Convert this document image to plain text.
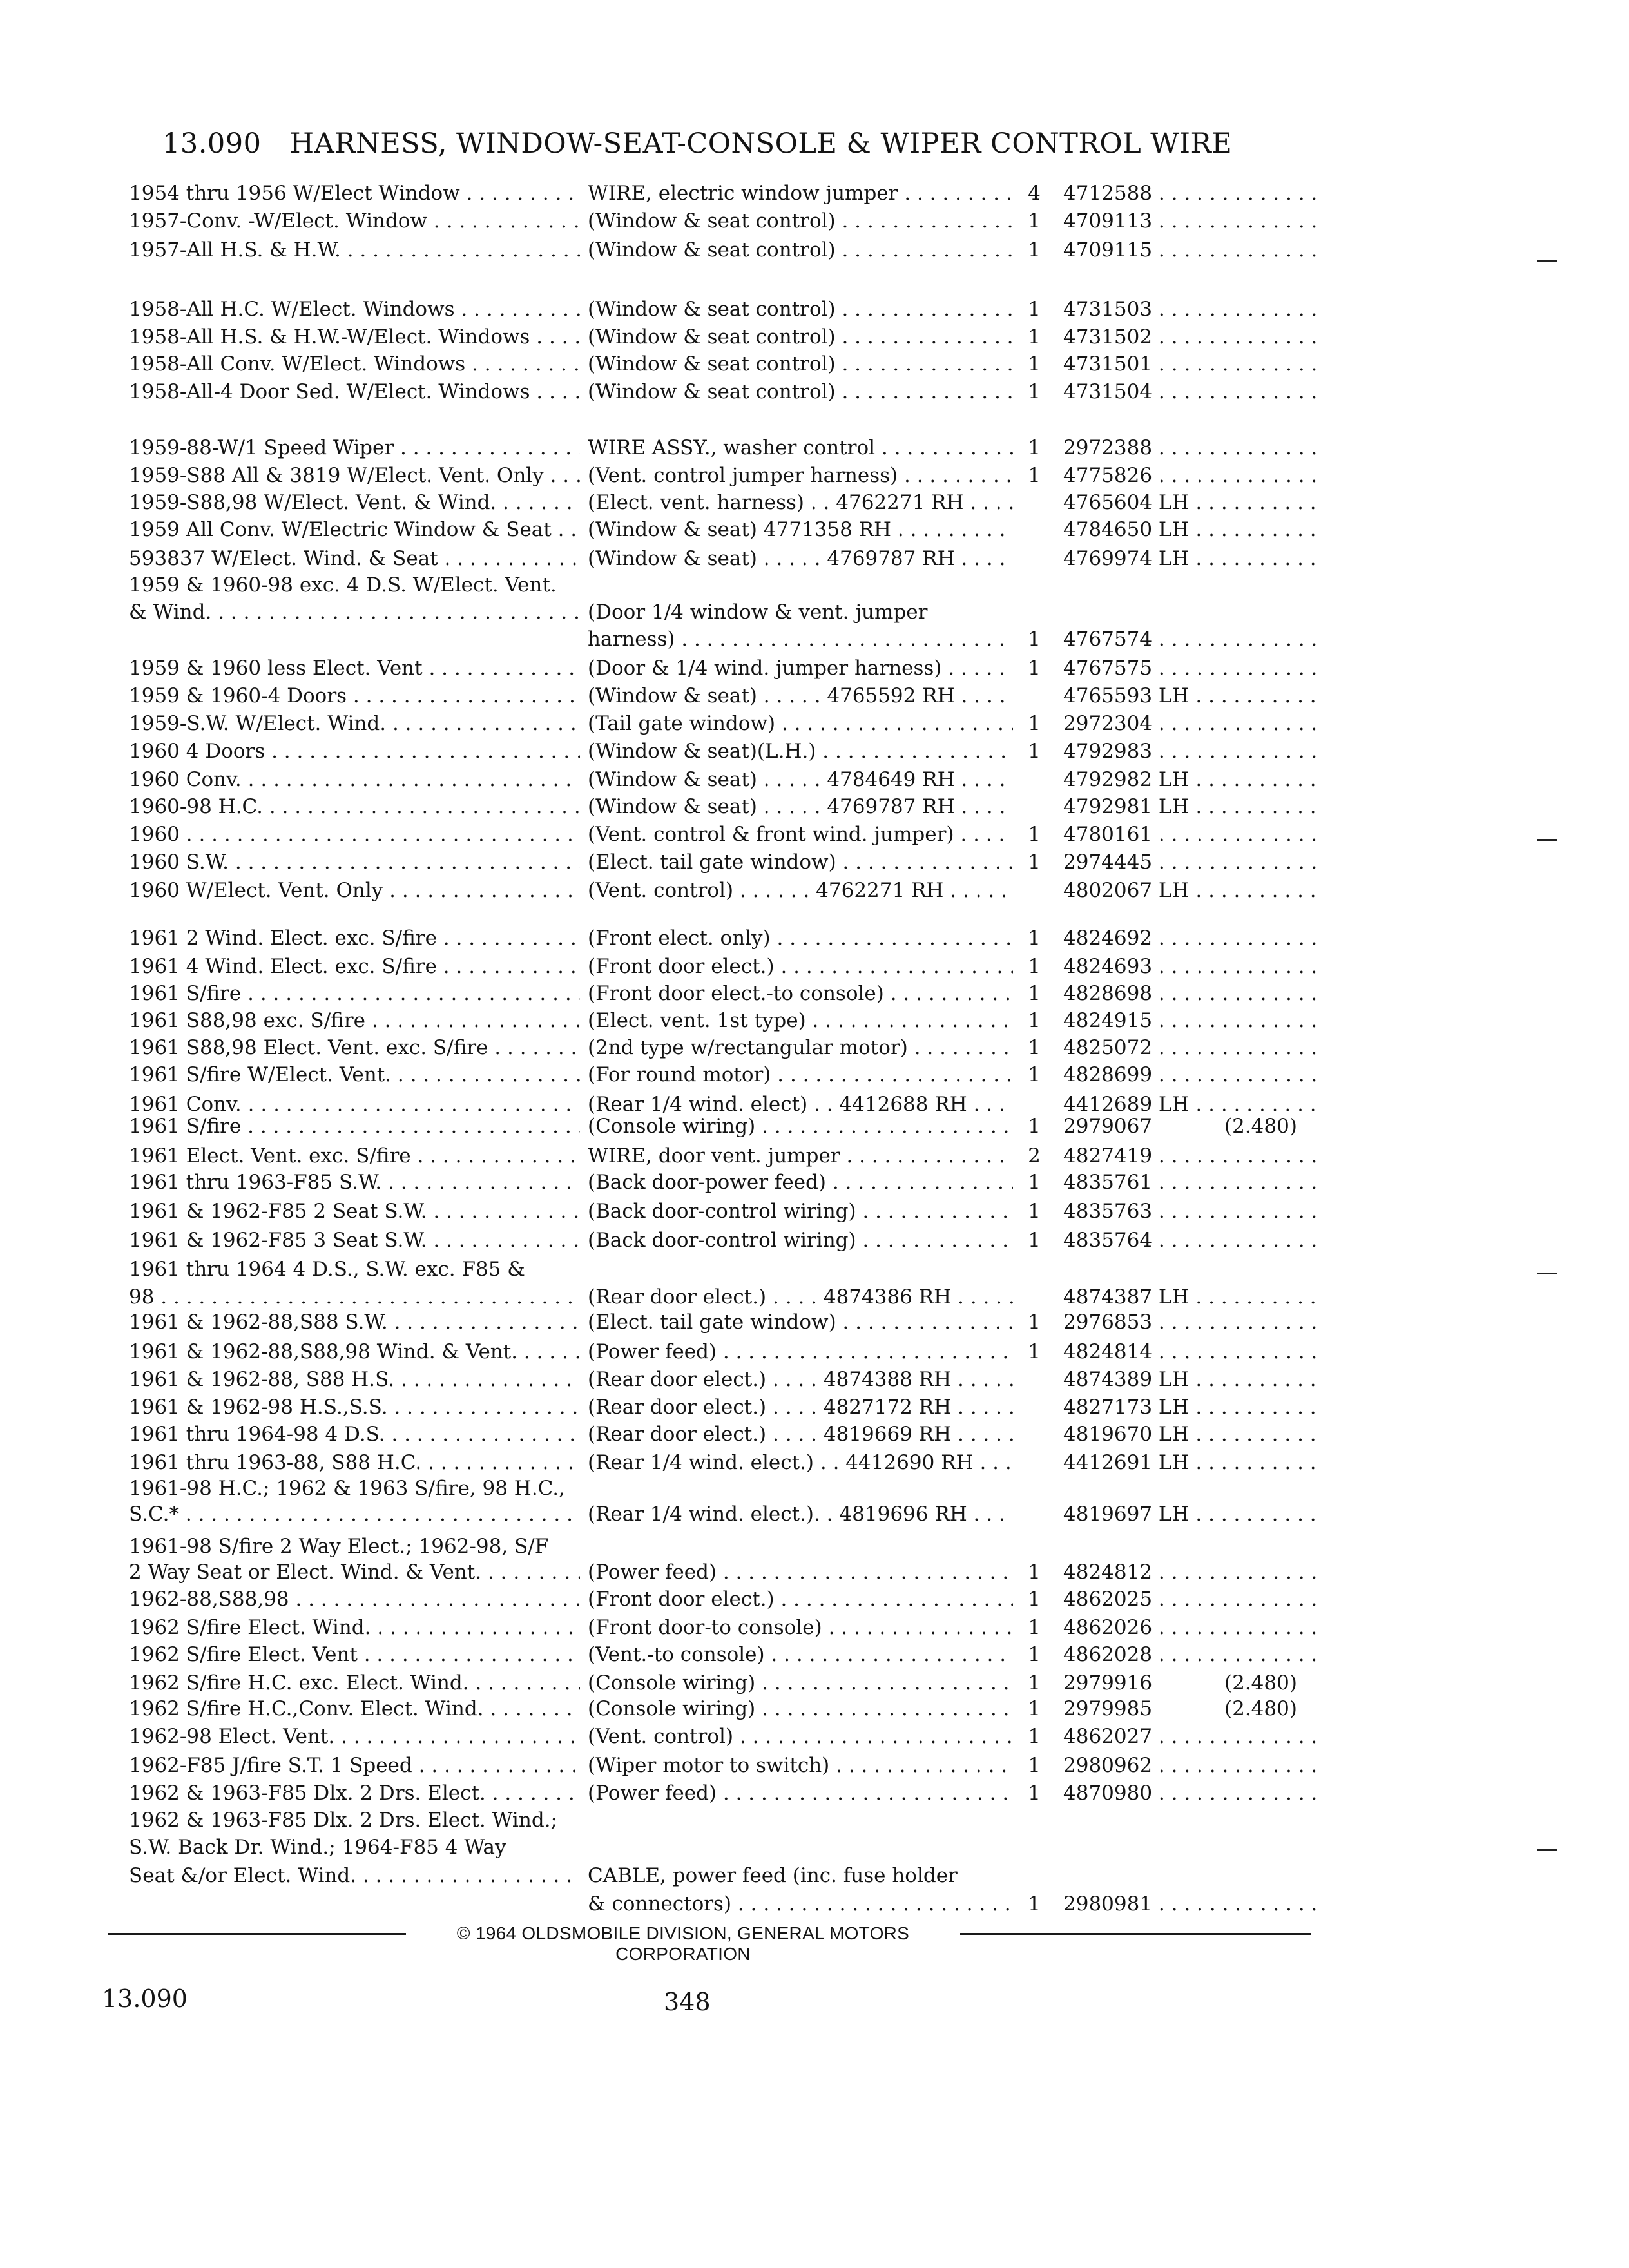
13.090 HARNESS, WINDOW-SEAT-CONSOLE & WIPER CONTROL WIRE
1954 thru 1956 W/Elect Window . . .	WIRE, electric window jumper . . .	4	4712588 . . .
1957-Conv. -W/Elect. Window . . .	(Window & seat control) . . .	1	4709113 . . .
1957-All H.S. & H.W. . . .	(Window & seat control) . . .	1	4709115 . . .
1958-All H.C. W/Elect. Windows . . .	(Window & seat control) . . .	1	4731503 . . .
1958-All H.S. & H.W.-W/Elect. Windows . . .	(Window & seat control) . . .	1	4731502 . . .
1958-All Conv. W/Elect. Windows . . .	(Window & seat control) . . .	1	4731501 . . .
1958-All-4 Door Sed. W/Elect. Windows . . . .	(Window & seat control) . . .	1	4731504 . . .
1959-88-W/1 Speed Wiper . . .	WIRE ASSY., washer control . . .	1	2972388 . . .
1959-S88 All & 3819 W/Elect. Vent. Only . . .	(Vent. control jumper harness) . . .	1	4775826 . . .
1959-S88,98 W/Elect. Vent. & Wind. . . .	(Elect. vent. harness) . . 4762271 RH . . .	4765604 LH . . .
1959 All Conv. W/Electric Window & Seat . . .	(Window & seat) 4771358 RH . . .	4784650 LH . . .
593837 W/Elect. Wind. & Seat . . .	(Window & seat) . . . . . 4769787 RH . . .	4769974 LH . . .
1959 & 1960-98 exc. 4 D.S. W/Elect. Vent.
& Wind. . . .	(Door 1/4 window & vent. jumper
harness) . . .	1	4767574 . . .
1959 & 1960 less Elect. Vent . . .	(Door & 1/4 wind. jumper harness) . . . . .	1	4767575 . . .
1959 & 1960-4 Doors . . .	(Window & seat) . . . . . 4765592 RH . . .	4765593 LH . . .
1959-S.W. W/Elect. Wind. . . .	(Tail gate window) . . .	1	2972304 . . .
1960 4 Doors . . .	(Window & seat)(L.H.) . . .	1	4792983 . . .
1960 Conv. . . .	(Window & seat) . . . . . 4784649 RH . . .	4792982 LH . . .
1960-98 H.C. . . .	(Window & seat) . . . . . 4769787 RH . . .	4792981 LH . . .
1960 . . .	(Vent. control & front wind. jumper) . . . .	1	4780161 . . .
1960 S.W. . . .	(Elect. tail gate window) . . .	1	2974445 . . .
1960 W/Elect. Vent. Only . . .	(Vent. control) . . . . . . 4762271 RH . . .	4802067 LH . . .
1961 2 Wind. Elect. exc. S/fire . . .	(Front elect. only) . . .	1	4824692 . . .
1961 4 Wind. Elect. exc. S/fire . . .	(Front door elect.) . . .	1	4824693 . . .
1961 S/fire . . .	(Front door elect.-to console) . . .	1	4828698 . . .
1961 S88,98 exc. S/fire . . .	(Elect. vent. 1st type) . . .	1	4824915 . . .
1961 S88,98 Elect. Vent. exc. S/fire . . .	(2nd type w/rectangular motor) . . .	1	4825072 . . .
1961 S/fire W/Elect. Vent. . . .	(For round motor) . . .	1	4828699 . . .
1961 Conv. . . .	(Rear 1/4 wind. elect) . . 4412688 RH . . .	4412689 LH . . .
1961 S/fire . . .	(Console wiring) . . .	1	2979067	(2.480)
1961 Elect. Vent. exc. S/fire . . .	WIRE, door vent. jumper . . .	2	4827419 . . .
1961 thru 1963-F85 S.W. . . .	(Back door-power feed) . . .	1	4835761 . . .
1961 & 1962-F85 2 Seat S.W. . . .	(Back door-control wiring) . . .	1	4835763 . . .
1961 & 1962-F85 3 Seat S.W. . . .	(Back door-control wiring) . . .	1	4835764 . . .
1961 thru 1964 4 D.S., S.W. exc. F85 &
98 . . .	(Rear door elect.) . . . . 4874386 RH . . .	4874387 LH . . .
1961 & 1962-88,S88 S.W. . . .	(Elect. tail gate window) . . .	1	2976853 . . .
1961 & 1962-88,S88,98 Wind. & Vent. . . . . .	(Power feed) . . .	1	4824814 . . .
1961 & 1962-88, S88 H.S. . . .	(Rear door elect.) . . . . 4874388 RH . . .	4874389 LH . . .
1961 & 1962-98 H.S.,S.S. . . .	(Rear door elect.) . . . . 4827172 RH . . .	4827173 LH . . .
1961 thru 1964-98 4 D.S. . . .	(Rear door elect.) . . . . 4819669 RH . . .	4819670 LH . . .
1961 thru 1963-88, S88 H.C. . . .	(Rear 1/4 wind. elect.) . . 4412690 RH . . .	4412691 LH . . .
1961-98 H.C.; 1962 & 1963 S/fire, 98 H.C.,
S.C.* . . .	(Rear 1/4 wind. elect.). . 4819696 RH . . .	4819697 LH . . .
1961-98 S/fire 2 Way Elect.; 1962-98, S/F
2 Way Seat or Elect. Wind. & Vent. . . . . .	(Power feed) . . .	1	4824812 . . .
1962-88,S88,98 . . .	(Front door elect.) . . .	1	4862025 . . .
1962 S/fire Elect. Wind. . . .	(Front door-to console) . . .	1	4862026 . . .
1962 S/fire Elect. Vent . . .	(Vent.-to console) . . .	1	4862028 . . .
1962 S/fire H.C. exc. Elect. Wind. . . .	(Console wiring) . . .	1	2979916	(2.480)
1962 S/fire H.C.,Conv. Elect. Wind. . . .	(Console wiring) . . .	1	2979985	(2.480)
1962-98 Elect. Vent. . . .	(Vent. control) . . .	1	4862027 . . .
1962-F85 J/fire S.T. 1 Speed . . .	(Wiper motor to switch) . . .	1	2980962 . . .
1962 & 1963-F85 Dlx. 2 Drs. Elect. . . .	(Power feed) . . .	1	4870980 . . .
1962 & 1963-F85 Dlx. 2 Drs. Elect. Wind.;
S.W. Back Dr. Wind.; 1964-F85 4 Way
Seat &/or Elect. Wind. . . .	CABLE, power feed (inc. fuse holder
& connectors) . . .	1	2980981 . . .
© 1964 OLDSMOBILE DIVISION, GENERAL MOTORS CORPORATION
13.090	348
